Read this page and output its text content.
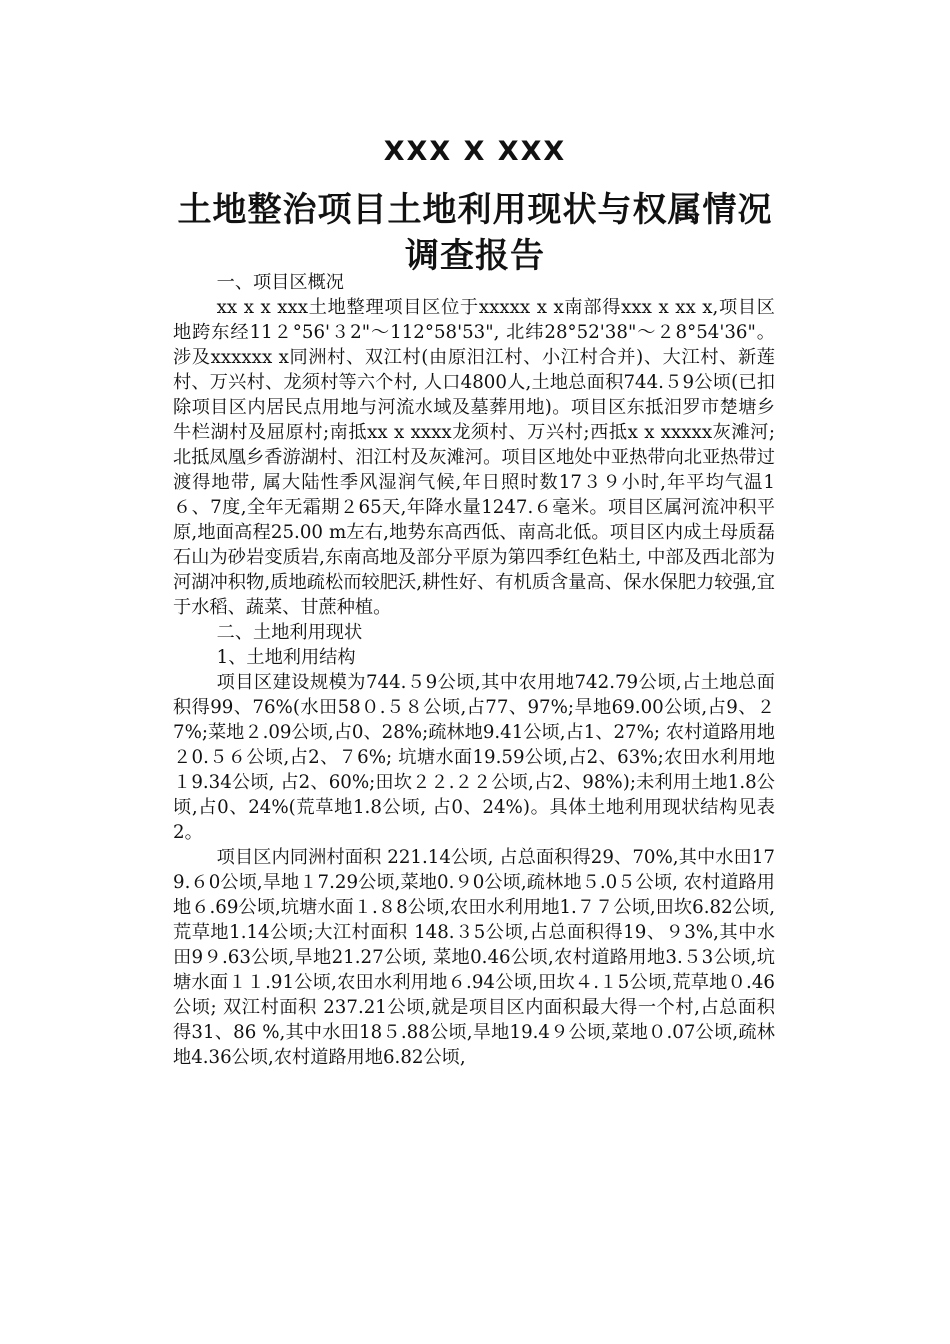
XXX X XXX
土地整治项目土地利用现状与权属情况
调查报告

一、项目区概况

xx x x xxx土地整理项目区位于xxxxx x x南部得xxx x xx x,项目区地跨东经11２°56'３2"～112°58'53", 北纬28°52'38"～２8°54'36"。涉及xxxxxx x同洲村、双江村(由原汨江村、小江村合并)、大江村、新莲村、万兴村、龙须村等六个村, 人口4800人,土地总面积744.５9公顷(已扣除项目区内居民点用地与河流水域及墓葬用地)。项目区东抵汨罗市楚塘乡牛栏湖村及屈原村;南抵xx x xxxx龙须村、万兴村;西抵x x xxxxx灰滩河;北抵凤凰乡香游湖村、汨江村及灰滩河。项目区地处中亚热带向北亚热带过渡得地带, 属大陆性季风湿润气候,年日照时数17３９小时,年平均气温1６、7度,全年无霜期２65天,年降水量1247.６毫米。项目区属河流冲积平原,地面高程25.00 m左右,地势东高西低、南高北低。项目区内成土母质磊石山为砂岩变质岩,东南高地及部分平原为第四季红色粘土, 中部及西北部为河湖冲积物,质地疏松而较肥沃,耕性好、有机质含量高、保水保肥力较强,宜于水稻、蔬菜、甘蔗种植。

二、土地利用现状

1、土地利用结构

项目区建设规模为744.５9公顷,其中农用地742.79公顷,占土地总面积得99、76%(水田58０.５８公顷,占77、97%;旱地69.00公顷,占9、２7%;菜地２.09公顷,占0、28%;疏林地9.41公顷,占1、27%; 农村道路用地２0.５６公顷,占2、７6%; 坑塘水面19.59公顷,占2、63%;农田水利用地１9.34公顷, 占2、60%;田坎２２.２２公顷,占2、98%);未利用土地1.8公顷,占0、24%(荒草地1.8公顷, 占0、24%)。具体土地利用现状结构见表2。

项目区内同洲村面积 221.14公顷, 占总面积得29、70%,其中水田179.６0公顷,旱地１7.29公顷,菜地0.９0公顷,疏林地５.0５公顷, 农村道路用地６.69公顷,坑塘水面１.８8公顷,农田水利用地1.７７公顷,田坎6.82公顷,荒草地1.14公顷;大江村面积 148.３5公顷,占总面积得19、９3%,其中水田9９.63公顷,旱地21.27公顷, 菜地0.46公顷,农村道路用地3.５3公顷,坑塘水面１１.91公顷,农田水利用地６.94公顷,田坎４.１5公顷,荒草地０.46公顷; 双江村面积 237.21公顷,就是项目区内面积最大得一个村,占总面积得31、86 %,其中水田18５.88公顷,旱地19.4９公顷,菜地０.07公顷,疏林地4.36公顷,农村道路用地6.82公顷,
